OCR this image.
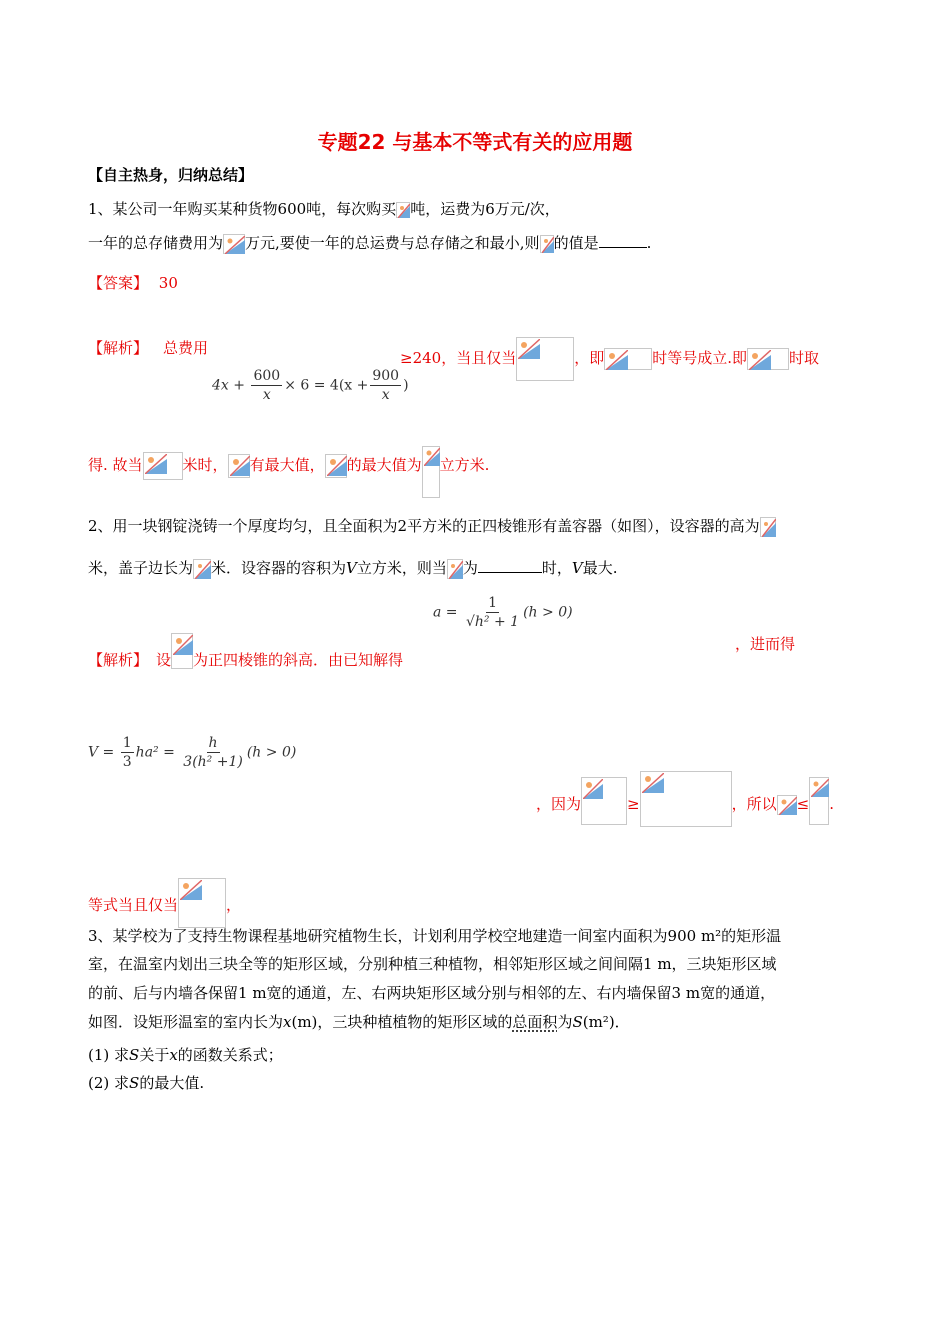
专题22 与基本不等式有关的应用题
【自主热身，归纳总结】
1、某公司一年购买某种货物600吨，每次购买 吨，运费为6万元/次，
一年的总存储费用为 万元,要使一年的总运费与总存储之和最小,则 的值是	.
【答案】 30
【解析】 总费用
$4x + \frac{600}{x} \times 6 = 4(x + \frac{900}{x}$ )
≥240，当且仅当	，即	时等号成立.即	时取
得. 故当	米时， 有最大值， 的最大值为 立方米.
2、用一块钢锭浇铸一个厚度均匀，且全面积为2平方米的正四棱锥形有盖容器（如图），设容器的高为
米，盖子边长为 米．设容器的容积为V立方米，则当 为	时，V最大.
【解析】 设 为正四棱锥的斜高．由已知解得
$a = \frac{1}{\text{√h² + 1}} (h > 0)$
，进而得
$V = \frac{1}{3} ha^2 = \frac{h}{\text{3(h² +1)}} (h > 0)$
，因为	≥	，所以 ≤ .
等式当且仅当	，
3、某学校为了支持生物课程基地研究植物生长，计划利用学校空地建造一间室内面积为900 m²的矩形温
室，在温室内划出三块全等的矩形区域，分别种植三种植物，相邻矩形区域之间间隔1 m，三块矩形区域
的前、后与内墙各保留1 m宽的通道，左、右两块矩形区域分别与相邻的左、右内墙保留3 m宽的通道，
如图．设矩形温室的室内长为x(m)，三块种植植物的矩形区域的总面积为S(m²)．
(1) 求S关于x的函数关系式；
(2) 求S的最大值.
